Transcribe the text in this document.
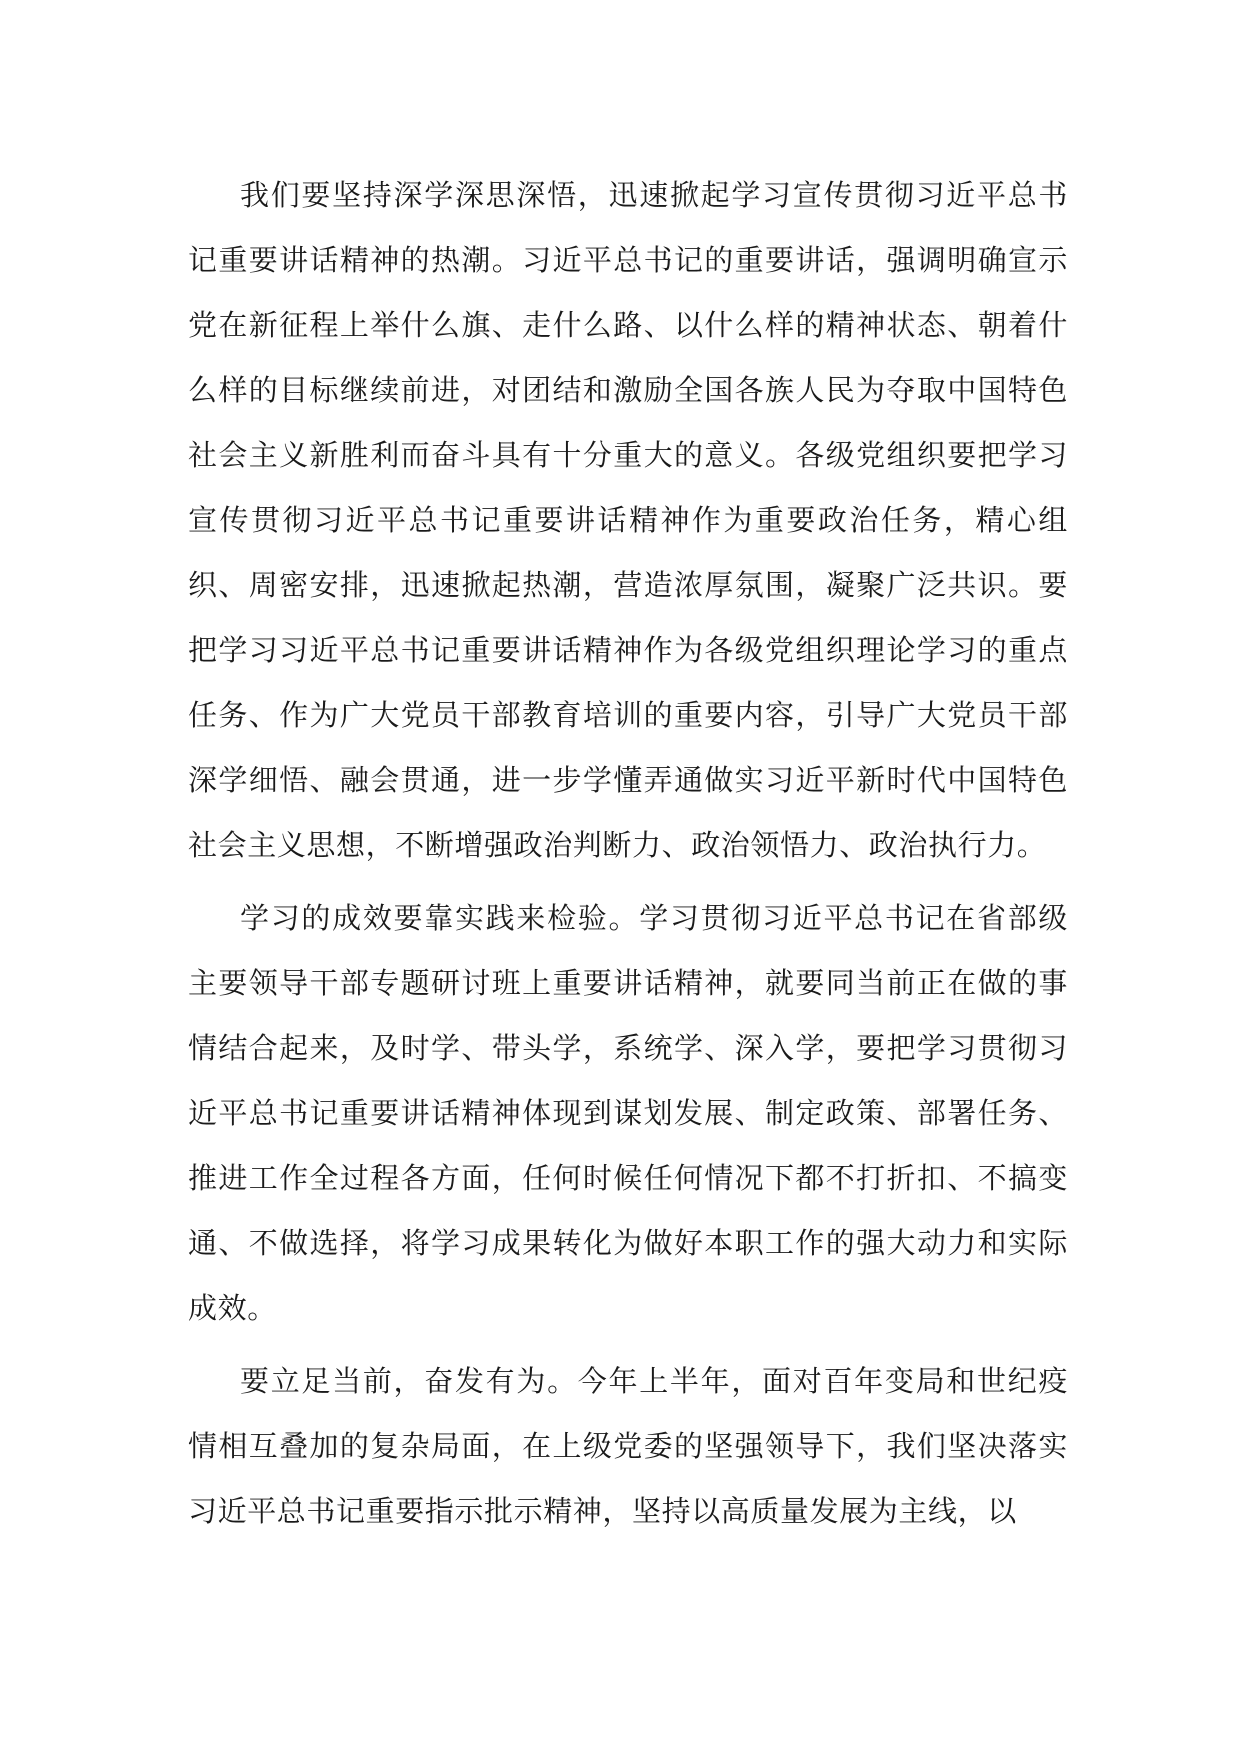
我们要坚持深学深思深悟，迅速掀起学习宣传贯彻习近平总书记重要讲话精神的热潮。习近平总书记的重要讲话，强调明确宣示党在新征程上举什么旗、走什么路、以什么样的精神状态、朝着什么样的目标继续前进，对团结和激励全国各族人民为夺取中国特色社会主义新胜利而奋斗具有十分重大的意义。各级党组织要把学习宣传贯彻习近平总书记重要讲话精神作为重要政治任务，精心组织、周密安排，迅速掀起热潮，营造浓厚氛围，凝聚广泛共识。要把学习习近平总书记重要讲话精神作为各级党组织理论学习的重点任务、作为广大党员干部教育培训的重要内容，引导广大党员干部深学细悟、融会贯通，进一步学懂弄通做实习近平新时代中国特色社会主义思想，不断增强政治判断力、政治领悟力、政治执行力。

学习的成效要靠实践来检验。学习贯彻习近平总书记在省部级主要领导干部专题研讨班上重要讲话精神，就要同当前正在做的事情结合起来，及时学、带头学，系统学、深入学，要把学习贯彻习近平总书记重要讲话精神体现到谋划发展、制定政策、部署任务、推进工作全过程各方面，任何时候任何情况下都不打折扣、不搞变通、不做选择，将学习成果转化为做好本职工作的强大动力和实际成效。

要立足当前，奋发有为。今年上半年，面对百年变局和世纪疫情相互叠加的复杂局面，在上级党委的坚强领导下，我们坚决落实习近平总书记重要指示批示精神，坚持以高质量发展为主线，以
